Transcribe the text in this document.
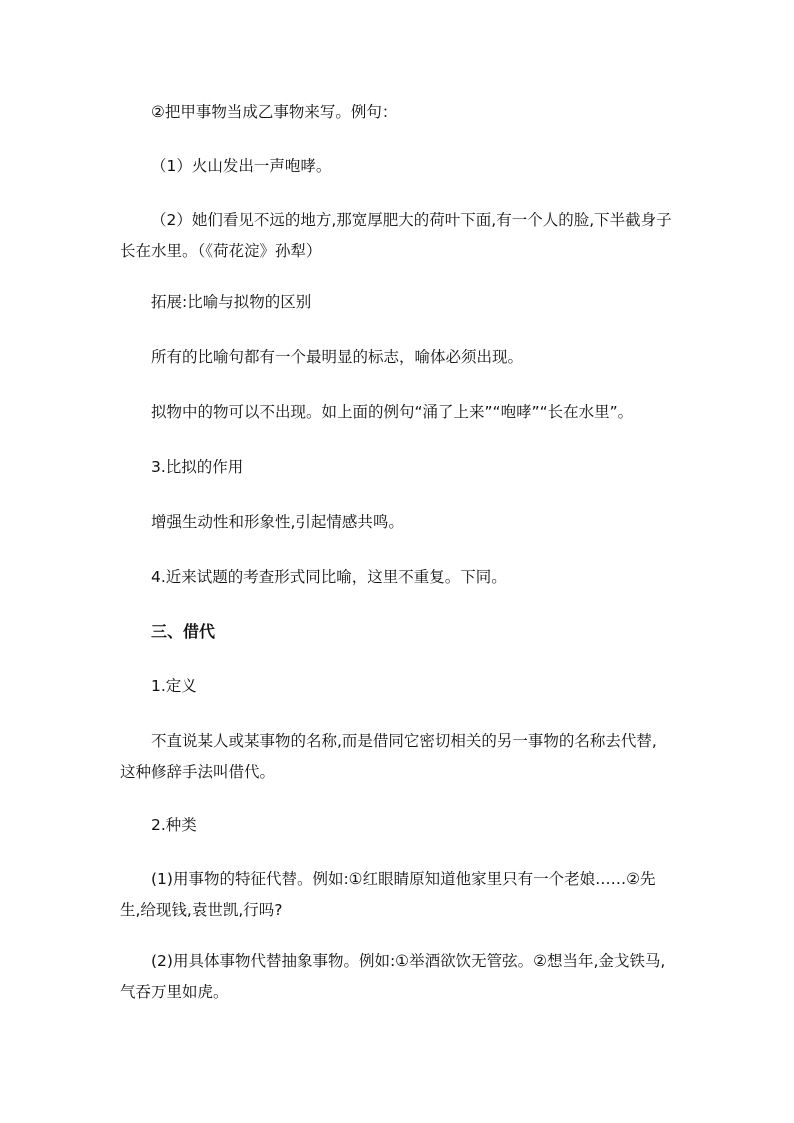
②把甲事物当成乙事物来写。例句：

（1）火山发出一声咆哮。

（2）她们看见不远的地方,那宽厚肥大的荷叶下面,有一个人的脸,下半截身子长在水里。（《荷花淀》孙犁）

拓展:比喻与拟物的区别

所有的比喻句都有一个最明显的标志，喻体必须出现。

拟物中的物可以不出现。如上面的例句“涌了上来”“咆哮”“长在水里”。

3.比拟的作用

增强生动性和形象性,引起情感共鸣。

4.近来试题的考查形式同比喻，这里不重复。下同。

三、借代

1.定义

不直说某人或某事物的名称,而是借同它密切相关的另一事物的名称去代替,这种修辞手法叫借代。

2.种类

(1)用事物的特征代替。例如:①红眼睛原知道他家里只有一个老娘……②先生,给现钱,袁世凯,行吗?

(2)用具体事物代替抽象事物。例如:①举酒欲饮无管弦。②想当年,金戈铁马,气吞万里如虎。
